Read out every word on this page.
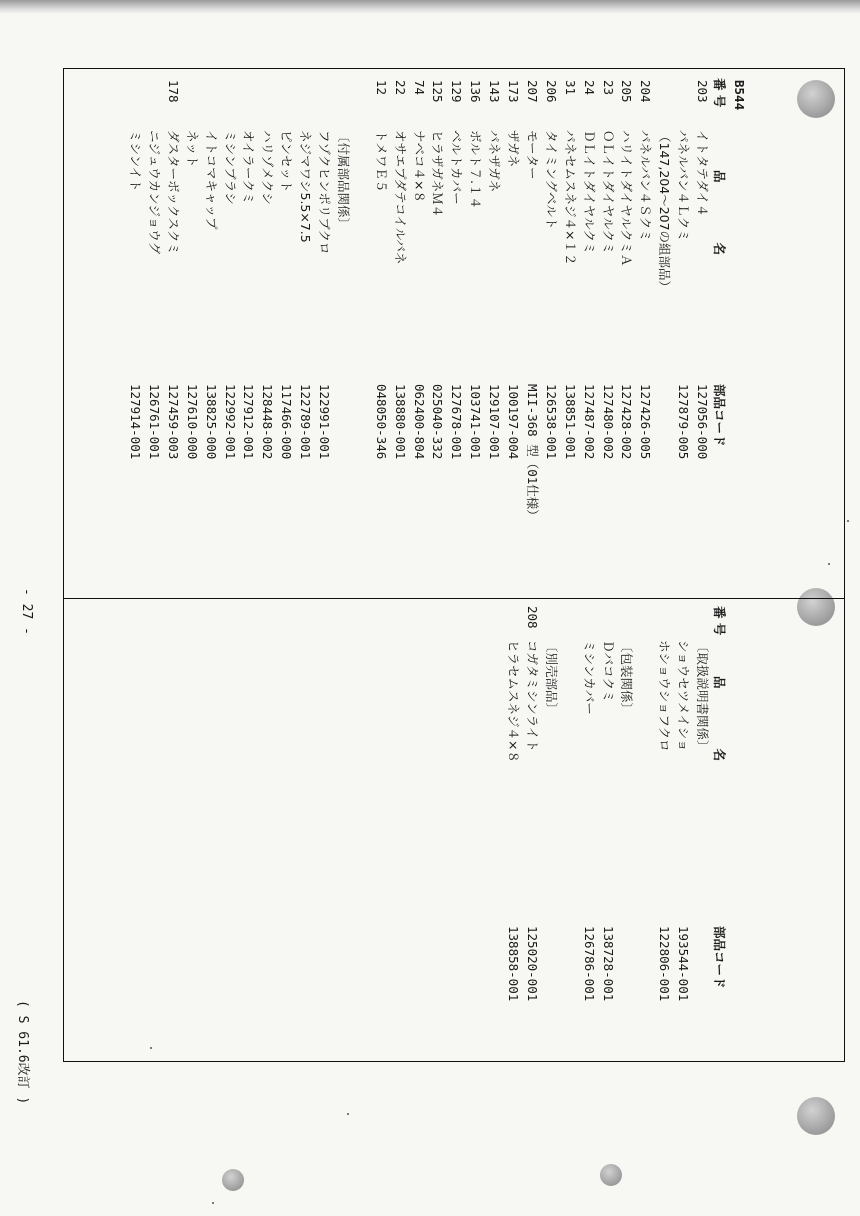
B544
番 号
品　　　　名
部品コード
番 号
品　　　　名
部品コード
203
イトタテダイ４
127056-000
パネルバン４Ｌクミ
127879-005
（147,204〜207の組部品）
204
パネルバン４Ｓクミ
127426-005
205
ハリイトダイヤルクミＡ
127428-002
23
ＯＬイトダイヤルクミ
127480-002
24
ＤＬイトダイヤルクミ
127487-002
31
パネセムスネジ４×１２
138851-001
206
タイミングベルト
126538-001
207
モーター
MII-368 型（01仕様）
173
ザガネ
100197-004
143
パネザガネ
129107-001
136
ボルト７.１４
103741-001
129
ベルトカバー
127678-001
125
ヒラザガネＭ４
025040-332
74
ナベコ４×８
062400-804
22
オサエプダテコイルバネ
138880-001
12
トメワＥ５
048050-346
〔付属部品関係〕
フゾクヒンポリブクロ
122991-001
ネジマワシ5.5×7.5
122789-001
ピンセット
117466-000
ハリゾメクシ
128448-002
オイラークミ
127912-001
ミシンブラシ
122992-001
イトコマキャップ
138825-000
ネット
127610-000
178
ダスターボックスクミ
127459-003
ニジュウカンジョウグ
126761-001
ミシンイト
127914-001
〔取扱説明書関係〕
ショウセツメイショ
193544-001
ホショウショフクロ
122806-001
〔包装関係〕
Ｄバコクミ
138728-001
ミシンカバー
126786-001
〔別売部品〕
208
コガタミシンライト
125020-001
ヒラセムスネジ４×８
138858-001
- 27 -
( S 61.6改訂 )
